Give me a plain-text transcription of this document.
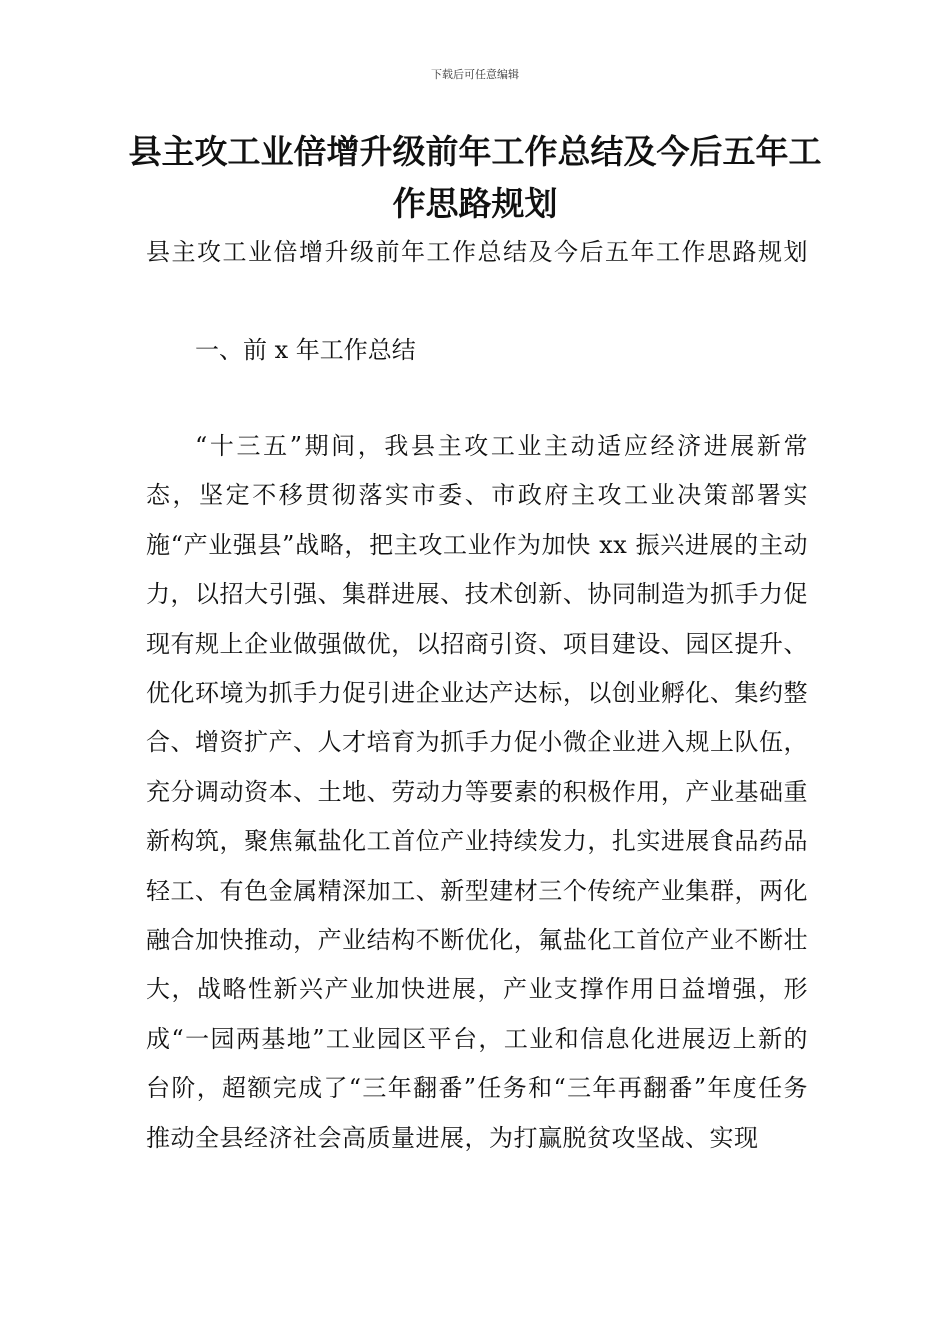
下载后可任意编辑
县主攻工业倍增升级前年工作总结及今后五年工作思路规划

县主攻工业倍增升级前年工作总结及今后五年工作思路规划

一、前 x 年工作总结

“十三五”期间，我县主攻工业主动适应经济进展新常态，坚定不移贯彻落实市委、市政府主攻工业决策部署实施“产业强县”战略，把主攻工业作为加快 xx 振兴进展的主动力，以招大引强、集群进展、技术创新、协同制造为抓手力促现有规上企业做强做优，以招商引资、项目建设、园区提升、优化环境为抓手力促引进企业达产达标，以创业孵化、集约整合、增资扩产、人才培育为抓手力促小微企业进入规上队伍，充分调动资本、土地、劳动力等要素的积极作用，产业基础重新构筑，聚焦氟盐化工首位产业持续发力，扎实进展食品药品轻工、有色金属精深加工、新型建材三个传统产业集群，两化融合加快推动，产业结构不断优化，氟盐化工首位产业不断壮大，战略性新兴产业加快进展，产业支撑作用日益增强，形成“一园两基地”工业园区平台，工业和信息化进展迈上新的台阶，超额完成了“三年翻番”任务和“三年再翻番”年度任务推动全县经济社会高质量进展，为打赢脱贫攻坚战、实现
